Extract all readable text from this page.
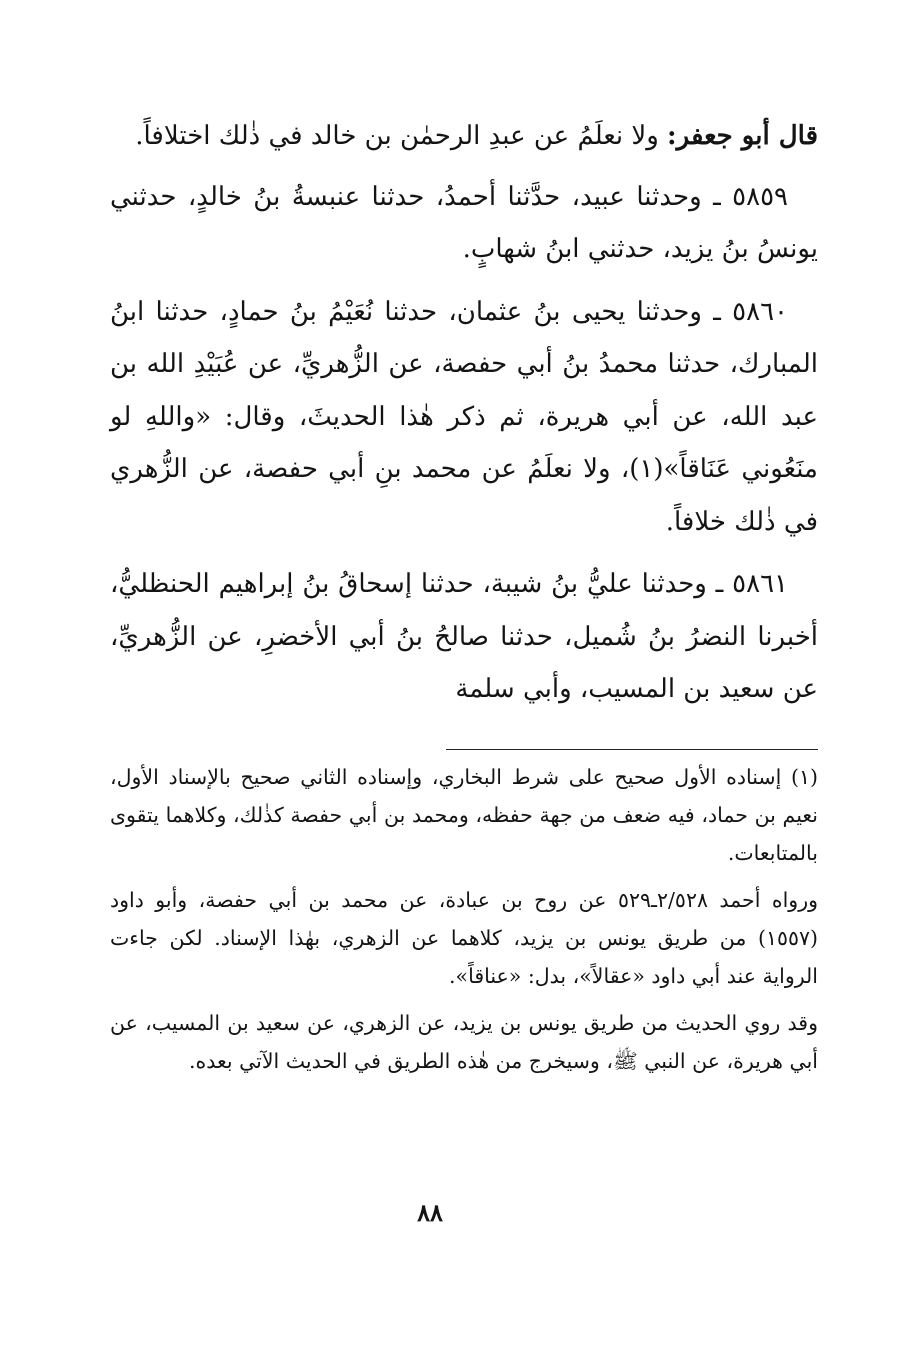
قال أبو جعفر: ولا نعلَمُ عن عبدِ الرحمٰن بن خالد في ذٰلك اختلافاً.

٥٨٥٩ ـ وحدثنا عبيد، حدَّثنا أحمدُ، حدثنا عنبسةُ بنُ خالدٍ، حدثني يونسُ بنُ يزيد، حدثني ابنُ شهابٍ.

٥٨٦٠ ـ وحدثنا يحيى بنُ عثمان، حدثنا نُعَيْمُ بنُ حمادٍ، حدثنا ابنُ المبارك، حدثنا محمدُ بنُ أبي حفصة، عن الزُّهريِّ، عن عُبَيْدِ الله بن عبد الله، عن أبي هريرة، ثم ذكر هٰذا الحديثَ، وقال: «واللهِ لو منَعُوني عَنَاقاً»(١)، ولا نعلَمُ عن محمد بنِ أبي حفصة، عن الزُّهري في ذٰلك خلافاً.

٥٨٦١ ـ وحدثنا عليُّ بنُ شيبة، حدثنا إسحاقُ بنُ إبراهيم الحنظليُّ، أخبرنا النضرُ بنُ شُميل، حدثنا صالحُ بنُ أبي الأخضرِ، عن الزُّهريِّ، عن سعيد بن المسيب، وأبي سلمة

(١) إسناده الأول صحيح على شرط البخاري، وإسناده الثاني صحيح بالإسناد الأول، نعيم بن حماد، فيه ضعف من جهة حفظه، ومحمد بن أبي حفصة كذٰلك، وكلاهما يتقوى بالمتابعات.

ورواه أحمد ٢/٥٢٨ـ٥٢٩ عن روح بن عبادة، عن محمد بن أبي حفصة، وأبو داود (١٥٥٧) من طريق يونس بن يزيد، كلاهما عن الزهري، بهٰذا الإسناد. لكن جاءت الرواية عند أبي داود «عقالاً»، بدل: «عناقاً».

وقد روي الحديث من طريق يونس بن يزيد، عن الزهري، عن سعيد بن المسيب، عن أبي هريرة، عن النبي ﷺ، وسيخرج من هٰذه الطريق في الحديث الآتي بعده.

٨٨
